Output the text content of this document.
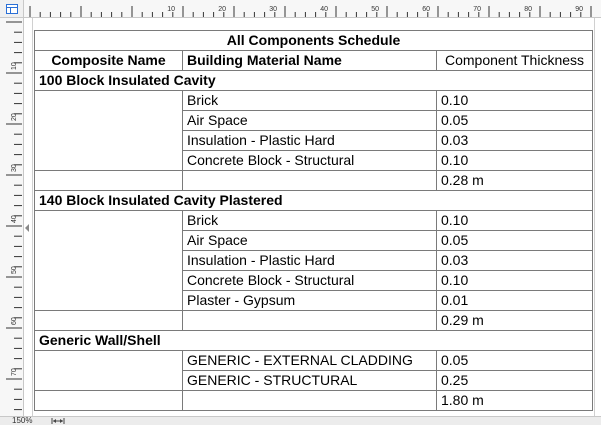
10	20	30	40	50	60	70	80	90
10
20
30
40
50
60
70
All Components Schedule		
Composite Name	Building Material Name	Component Thickness
100 Block Insulated Cavity		
	Brick	0.10
	Air Space	0.05
	Insulation - Plastic Hard	0.03
	Concrete Block - Structural	0.10
		0.28 m
140 Block Insulated Cavity Plastered		
	Brick	0.10
	Air Space	0.05
	Insulation - Plastic Hard	0.03
	Concrete Block - Structural	0.10
	Plaster - Gypsum	0.01
		0.29 m
Generic Wall/Shell		
	GENERIC - EXTERNAL CLADDING	0.05
	GENERIC - STRUCTURAL	0.25
		1.80 m
150%
